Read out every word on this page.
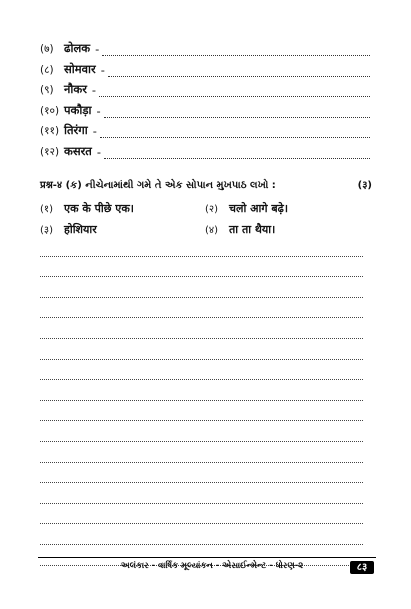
(७) ढोलक -
(८) सोमवार -
(९) नौकर -
(१०) पकौड़ा -
(११) तिरंगा -
(१२) कसरत -
प्रश्न-४ (ક) નીચેનામાંથી ગમે તે એક સોપાન મુખપાઠ લખો :	(३)
(१) एक के पीछे एक।	(२) चलो आगे बढ़े।
(३) होशियार	(४) ता ता थैया।
અલંકાર - વાર્ષિક મૂલ્યાંકન - એસાઈન્મેન્ટ - ધોરણ-૨	८३
